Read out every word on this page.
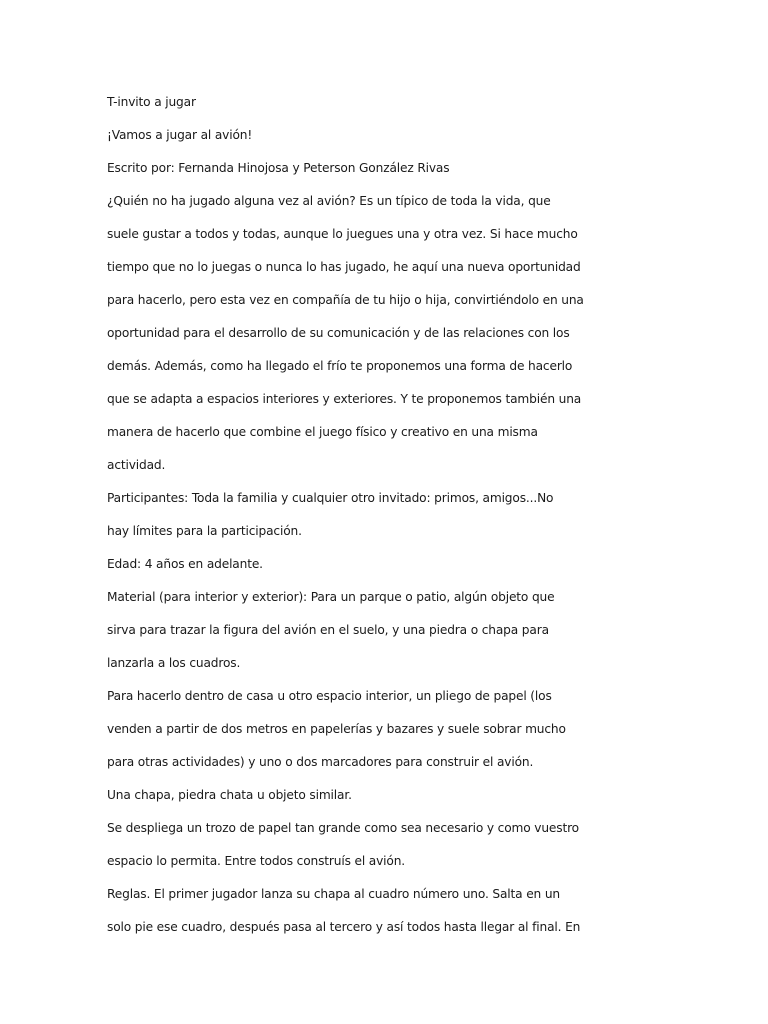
T-invito a jugar
¡Vamos a jugar al avión!
Escrito por: Fernanda Hinojosa y Peterson González Rivas
¿Quién no ha jugado alguna vez al avión? Es un típico de toda la vida, que
suele gustar a todos y todas, aunque lo juegues una y otra vez. Si hace mucho
tiempo que no lo juegas o nunca lo has jugado, he aquí una nueva oportunidad
para hacerlo, pero esta vez en compañía de tu hijo o hija, convirtiéndolo en una
oportunidad para el desarrollo de su comunicación y de las relaciones con los
demás. Además, como ha llegado el frío te proponemos una forma de hacerlo
que se adapta a espacios interiores y exteriores. Y te proponemos también una
manera de hacerlo que combine el juego físico y creativo en una misma
actividad.
Participantes: Toda la familia y cualquier otro invitado: primos, amigos...No
hay límites para la participación.
Edad: 4 años en adelante.
Material (para interior y exterior): Para un parque o patio, algún objeto que
sirva para trazar la figura del avión en el suelo, y una piedra o chapa para
lanzarla a los cuadros.
Para hacerlo dentro de casa u otro espacio interior, un pliego de papel (los
venden a partir de dos metros en papelerías y bazares y suele sobrar mucho
para otras actividades) y uno o dos marcadores para construir el avión.
Una chapa, piedra chata u objeto similar.
Se despliega un trozo de papel tan grande como sea necesario y como vuestro
espacio lo permita. Entre todos construís el avión.
Reglas. El primer jugador lanza su chapa al cuadro número uno. Salta en un
solo pie ese cuadro, después pasa al tercero y así todos hasta llegar al final. En
